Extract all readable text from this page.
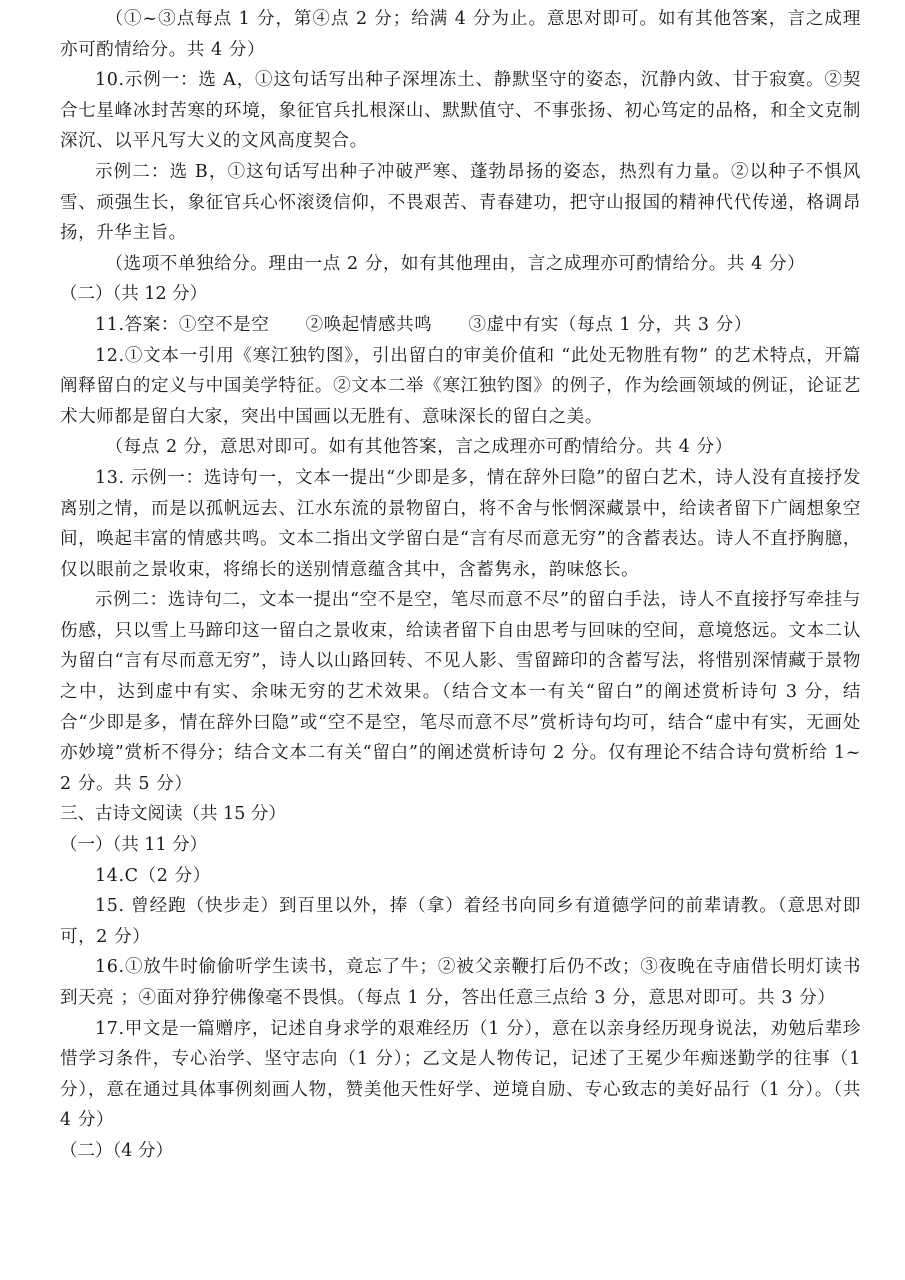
（①~③点每点 1 分，第④点 2 分；给满 4 分为止。意思对即可。如有其他答案，言之成理亦可酌情给分。共 4 分）

10.示例一：选 A，①这句话写出种子深埋冻土、静默坚守的姿态，沉静内敛、甘于寂寞。②契合七星峰冰封苦寒的环境，象征官兵扎根深山、默默值守、不事张扬、初心笃定的品格，和全文克制深沉、以平凡写大义的文风高度契合。

示例二：选 B，①这句话写出种子冲破严寒、蓬勃昂扬的姿态，热烈有力量。②以种子不惧风雪、顽强生长，象征官兵心怀滚烫信仰，不畏艰苦、青春建功，把守山报国的精神代代传递，格调昂扬，升华主旨。

（选项不单独给分。理由一点 2 分，如有其他理由，言之成理亦可酌情给分。共 4 分）

（二）（共 12 分）

11.答案：①空不是空　　②唤起情感共鸣　　③虚中有实（每点 1 分，共 3 分）

12.①文本一引用《寒江独钓图》，引出留白的审美价值和 “此处无物胜有物” 的艺术特点，开篇阐释留白的定义与中国美学特征。②文本二举《寒江独钓图》的例子，作为绘画领域的例证，论证艺术大师都是留白大家，突出中国画以无胜有、意味深长的留白之美。

（每点 2 分，意思对即可。如有其他答案，言之成理亦可酌情给分。共 4 分）

13. 示例一：选诗句一，文本一提出“少即是多，情在辞外曰隐”的留白艺术，诗人没有直接抒发离别之情，而是以孤帆远去、江水东流的景物留白，将不舍与怅惘深藏景中，给读者留下广阔想象空间，唤起丰富的情感共鸣。文本二指出文学留白是“言有尽而意无穷”的含蓄表达。诗人不直抒胸臆，仅以眼前之景收束，将绵长的送别情意蕴含其中，含蓄隽永，韵味悠长。

示例二：选诗句二，文本一提出“空不是空，笔尽而意不尽”的留白手法，诗人不直接抒写牵挂与伤感，只以雪上马蹄印这一留白之景收束，给读者留下自由思考与回味的空间，意境悠远。文本二认为留白“言有尽而意无穷”，诗人以山路回转、不见人影、雪留蹄印的含蓄写法，将惜别深情藏于景物之中，达到虚中有实、余味无穷的艺术效果。（结合文本一有关“留白”的阐述赏析诗句 3 分，结合“少即是多，情在辞外曰隐”或“空不是空，笔尽而意不尽”赏析诗句均可，结合“虚中有实，无画处亦妙境”赏析不得分；结合文本二有关“留白”的阐述赏析诗句 2 分。仅有理论不结合诗句赏析给 1~2 分。共 5 分）

三、古诗文阅读（共 15 分）

（一）（共 11 分）

14.C（2 分）

15. 曾经跑（快步走）到百里以外，捧（拿）着经书向同乡有道德学问的前辈请教。（意思对即可，2 分）

16.①放牛时偷偷听学生读书，竟忘了牛；②被父亲鞭打后仍不改；③夜晚在寺庙借长明灯读书到天亮 ；④面对狰狞佛像毫不畏惧。（每点 1 分，答出任意三点给 3 分，意思对即可。共 3 分）

17.甲文是一篇赠序，记述自身求学的艰难经历（1 分），意在以亲身经历现身说法，劝勉后辈珍惜学习条件，专心治学、坚守志向（1 分）；乙文是人物传记，记述了王冕少年痴迷勤学的往事（1 分），意在通过具体事例刻画人物，赞美他天性好学、逆境自励、专心致志的美好品行（1 分）。（共 4 分）

（二）（4 分）
